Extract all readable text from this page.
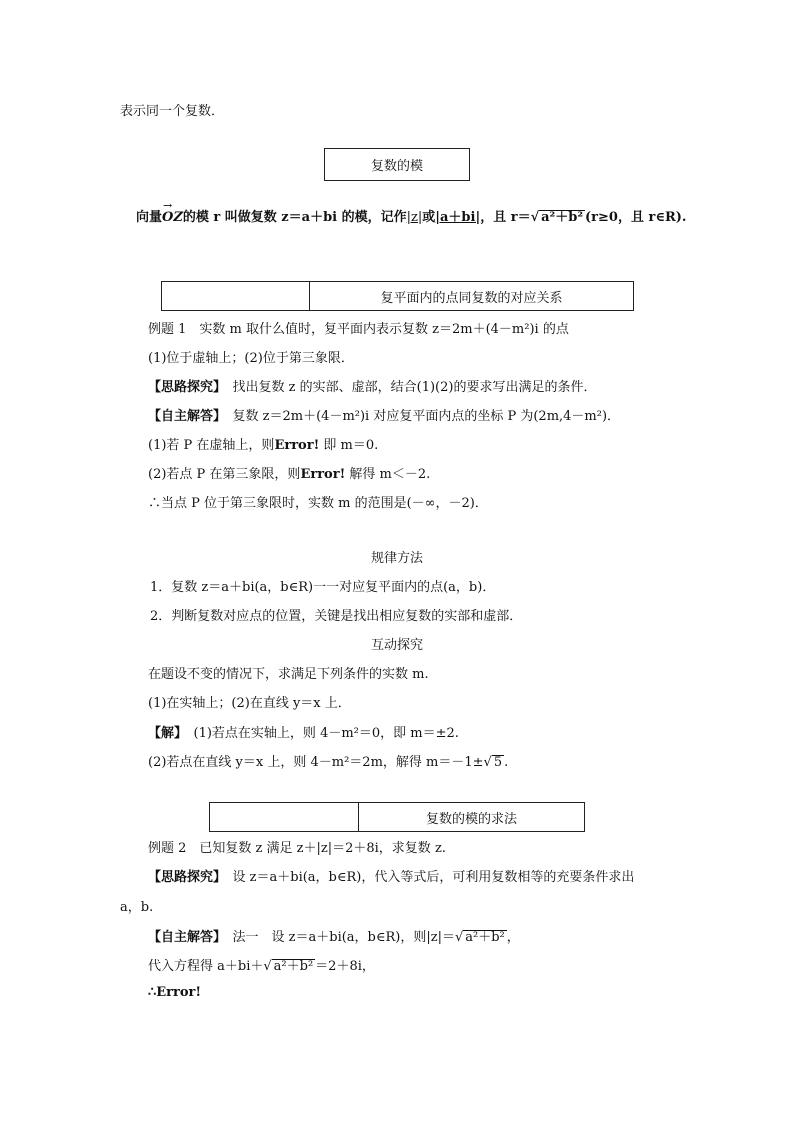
表示同一个复数．
复数的模
向量→ OZ的模 r 叫做复数 z＝a＋bi 的模，记作|z|或|a＋bi|，且 r＝√ a²＋b² (r≥0，且 r∈R).
复平面内的点同复数的对应关系
例题 1　实数 m 取什么值时，复平面内表示复数 z＝2m＋(4－m²)i 的点
(1)位于虚轴上；(2)位于第三象限．
【思路探究】　找出复数 z 的实部、虚部，结合(1)(2)的要求写出满足的条件．
【自主解答】　复数 z＝2m＋(4－m²)i 对应复平面内点的坐标 P 为(2m,4－m²)．
(1)若 P 在虚轴上，则Error! 即 m＝0.
(2)若点 P 在第三象限，则Error! 解得 m＜－2.
∴当点 P 位于第三象限时，实数 m 的范围是(－∞，－2)．
规律方法
1．复数 z＝a＋bi(a，b∈R)一一对应复平面内的点(a，b)．
2．判断复数对应点的位置，关键是找出相应复数的实部和虚部．
互动探究
在题设不变的情况下，求满足下列条件的实数 m.
(1)在实轴上；(2)在直线 y＝x 上．
【解】　(1)若点在实轴上，则 4－m²＝0，即 m＝±2.
(2)若点在直线 y＝x 上，则 4－m²＝2m，解得 m＝－1±√ 5 .
复数的模的求法
例题 2　已知复数 z 满足 z＋|z|＝2＋8i，求复数 z.
【思路探究】　设 z＝a＋bi(a，b∈R)，代入等式后，可利用复数相等的充要条件求出
a，b.
【自主解答】　法一　设 z＝a＋bi(a，b∈R)，则|z|＝√ a²＋b² ，
代入方程得 a＋bi＋√ a²＋b² ＝2＋8i，
∴Error!
